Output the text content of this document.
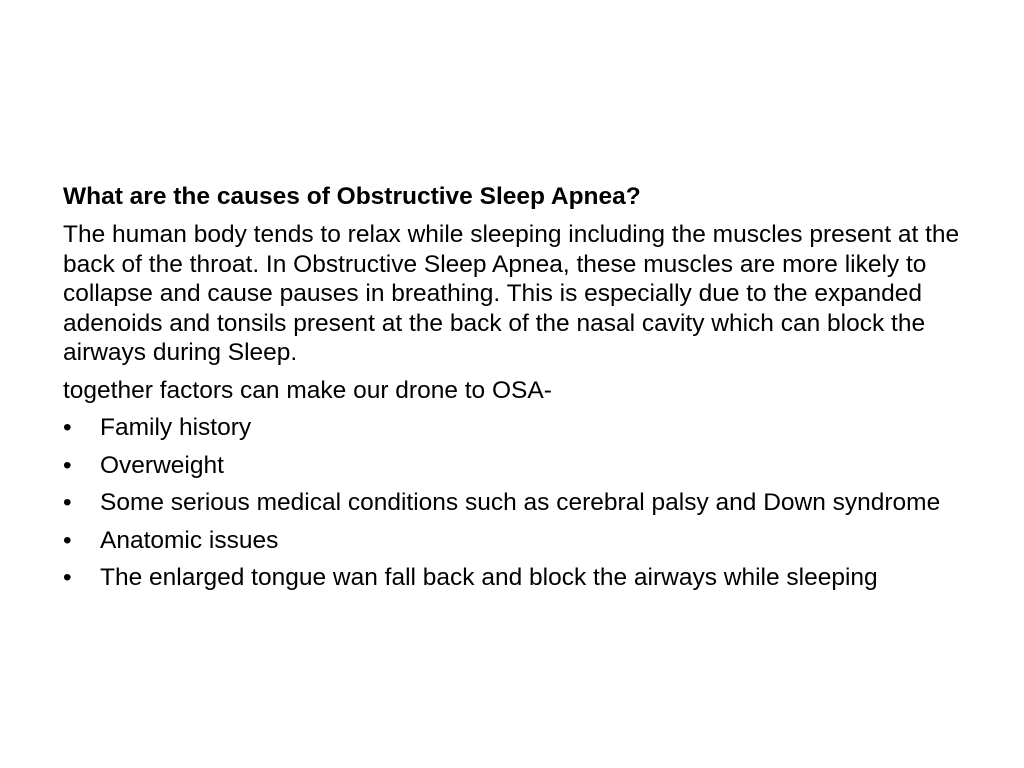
What are the causes of Obstructive Sleep Apnea?

The human body tends to relax while sleeping including the muscles present at the back of the throat. In Obstructive Sleep Apnea, these muscles are more likely to collapse and cause pauses in breathing. This is especially due to the expanded adenoids and tonsils present at the back of the nasal cavity which can block the airways during Sleep.

together factors can make our drone to OSA-

•	Family history
•	Overweight
•	Some serious medical conditions such as cerebral palsy and Down syndrome
•	Anatomic issues
•	The enlarged tongue wan fall back and block the airways while sleeping
